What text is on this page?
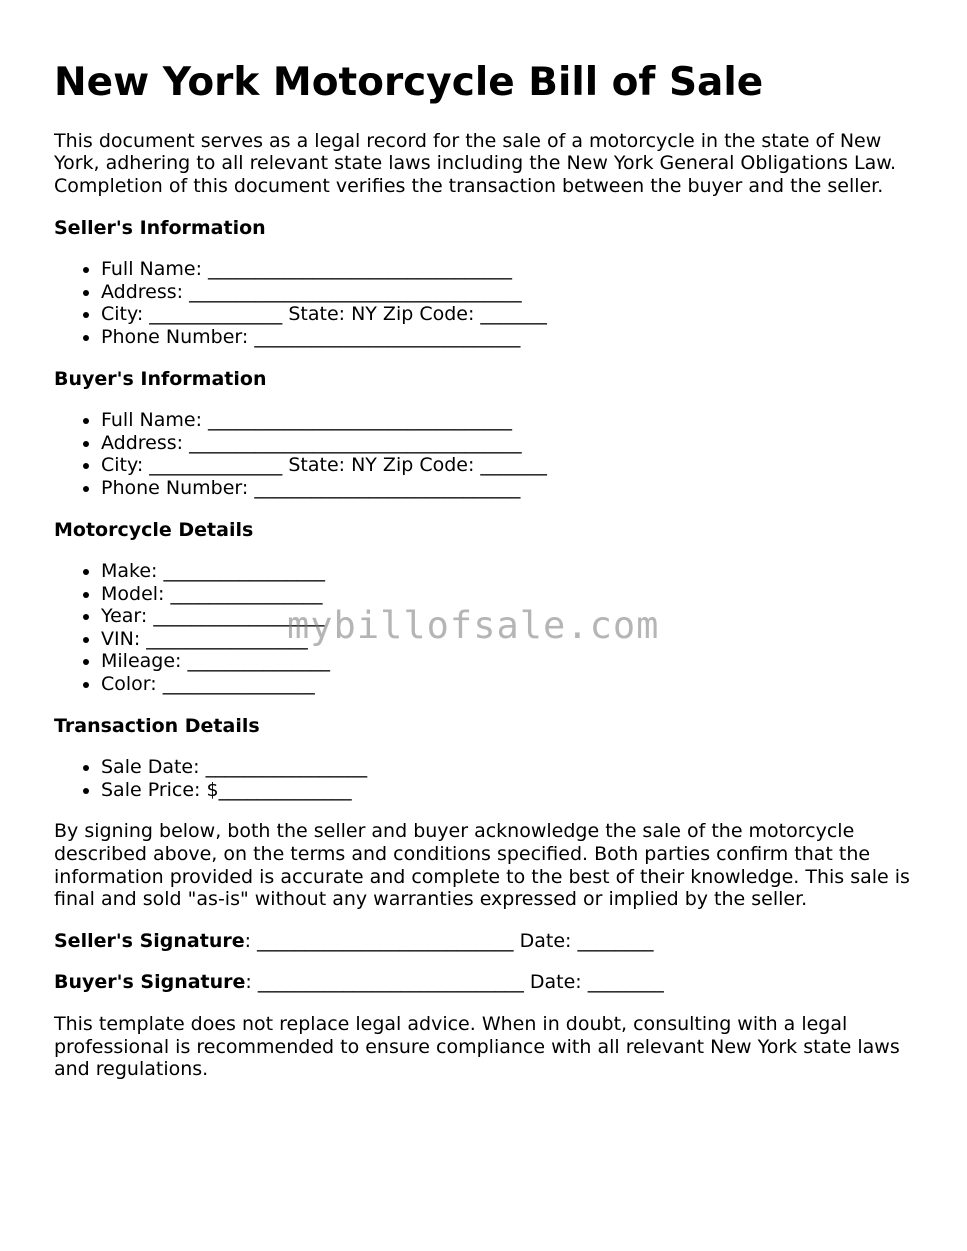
New York Motorcycle Bill of Sale

This document serves as a legal record for the sale of a motorcycle in the state of New York, adhering to all relevant state laws including the New York General Obligations Law. Completion of this document verifies the transaction between the buyer and the seller.

Seller's Information
• Full Name: ________________________________
• Address: ___________________________________
• City: ______________ State: NY Zip Code: _______
• Phone Number: ____________________________
Buyer's Information
• Full Name: ________________________________
• Address: ___________________________________
• City: ______________ State: NY Zip Code: _______
• Phone Number: ____________________________
Motorcycle Details
• Make: _________________
• Model: ________________
• Year: __________________
• VIN: _________________
• Mileage: _______________
• Color: ________________
Transaction Details
• Sale Date: _________________
• Sale Price: $______________

By signing below, both the seller and buyer acknowledge the sale of the motorcycle described above, on the terms and conditions specified. Both parties confirm that the information provided is accurate and complete to the best of their knowledge. This sale is final and sold "as-is" without any warranties expressed or implied by the seller.

Seller's Signature: ___________________________ Date: ________

Buyer's Signature: ____________________________ Date: ________

This template does not replace legal advice. When in doubt, consulting with a legal professional is recommended to ensure compliance with all relevant New York state laws and regulations.

mybillofsale.com
